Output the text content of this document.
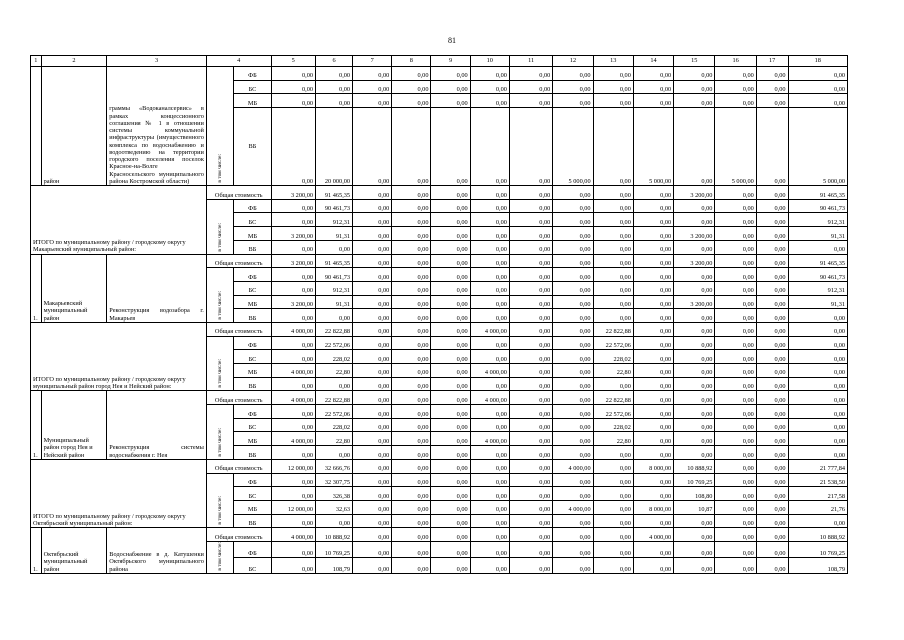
81
1	2	3	4		5	6	7	8	9	10	11	12	13	14	15	16	17	18
	район	граммы «Водоканалсервис» в рамках концессионного соглашения № 1 в отношении системы коммунальной инфраструктуры (имущественного комплекса по водоснабжению и водоотведению на территории городского поселения поселок Красное-на-Волге Красносельского муниципального района Костромской области)	в том числе:	ФБ	0,00	0,00	0,00	0,00	0,00	0,00	0,00	0,00	0,00	0,00	0,00	0,00	0,00	0,00
				БС	0,00	0,00	0,00	0,00	0,00	0,00	0,00	0,00	0,00	0,00	0,00	0,00	0,00	0,00
				МБ	0,00	0,00	0,00	0,00	0,00	0,00	0,00	0,00	0,00	0,00	0,00	0,00	0,00	0,00
				ВБ	0,00	20 000,00	0,00	0,00	0,00	0,00	0,00	5 000,00	0,00	5 000,00	0,00	5 000,00	0,00	5 000,00
ИТОГО по муниципальному району / городскому округу Макарьевский муниципальный район:			Общая стоимость		3 200,00	91 465,35	0,00	0,00	0,00	0,00	0,00	0,00	0,00	0,00	3 200,00	0,00	0,00	91 465,35
			в том числе:	ФБ	0,00	90 461,73	0,00	0,00	0,00	0,00	0,00	0,00	0,00	0,00	0,00	0,00	0,00	90 461,73
				БС	0,00	912,31	0,00	0,00	0,00	0,00	0,00	0,00	0,00	0,00	0,00	0,00	0,00	912,31
				МБ	3 200,00	91,31	0,00	0,00	0,00	0,00	0,00	0,00	0,00	0,00	3 200,00	0,00	0,00	91,31
				ВБ	0,00	0,00	0,00	0,00	0,00	0,00	0,00	0,00	0,00	0,00	0,00	0,00	0,00	0,00
1.	Макарьевский муниципальный район	Реконструкция водозабора г. Макарьев	Общая стоимость		3 200,00	91 465,35	0,00	0,00	0,00	0,00	0,00	0,00	0,00	0,00	3 200,00	0,00	0,00	91 465,35
			в том числе:	ФБ	0,00	90 461,73	0,00	0,00	0,00	0,00	0,00	0,00	0,00	0,00	0,00	0,00	0,00	90 461,73
				БС	0,00	912,31	0,00	0,00	0,00	0,00	0,00	0,00	0,00	0,00	0,00	0,00	0,00	912,31
				МБ	3 200,00	91,31	0,00	0,00	0,00	0,00	0,00	0,00	0,00	0,00	3 200,00	0,00	0,00	91,31
				ВБ	0,00	0,00	0,00	0,00	0,00	0,00	0,00	0,00	0,00	0,00	0,00	0,00	0,00	0,00
ИТОГО по муниципальному району / городскому округу муниципальный район город Нея и Нейский район:			Общая стоимость		4 000,00	22 822,88	0,00	0,00	0,00	4 000,00	0,00	0,00	22 822,88	0,00	0,00	0,00	0,00	0,00
			в том числе:	ФБ	0,00	22 572,06	0,00	0,00	0,00	0,00	0,00	0,00	22 572,06	0,00	0,00	0,00	0,00	0,00
				БС	0,00	228,02	0,00	0,00	0,00	0,00	0,00	0,00	228,02	0,00	0,00	0,00	0,00	0,00
				МБ	4 000,00	22,80	0,00	0,00	0,00	4 000,00	0,00	0,00	22,80	0,00	0,00	0,00	0,00	0,00
				ВБ	0,00	0,00	0,00	0,00	0,00	0,00	0,00	0,00	0,00	0,00	0,00	0,00	0,00	0,00
1.	Муниципальный район город Нея и Нейский район	Реконструкция системы водоснабжения г. Нея	Общая стоимость		4 000,00	22 822,88	0,00	0,00	0,00	4 000,00	0,00	0,00	22 822,88	0,00	0,00	0,00	0,00	0,00
			в том числе:	ФБ	0,00	22 572,06	0,00	0,00	0,00	0,00	0,00	0,00	22 572,06	0,00	0,00	0,00	0,00	0,00
				БС	0,00	228,02	0,00	0,00	0,00	0,00	0,00	0,00	228,02	0,00	0,00	0,00	0,00	0,00
				МБ	4 000,00	22,80	0,00	0,00	0,00	4 000,00	0,00	0,00	22,80	0,00	0,00	0,00	0,00	0,00
				ВБ	0,00	0,00	0,00	0,00	0,00	0,00	0,00	0,00	0,00	0,00	0,00	0,00	0,00	0,00
ИТОГО по муниципальному району / городскому округу Октябрьский муниципальный район:			Общая стоимость		12 000,00	32 666,76	0,00	0,00	0,00	0,00	0,00	4 000,00	0,00	8 000,00	10 888,92	0,00	0,00	21 777,84
			в том числе:	ФБ	0,00	32 307,75	0,00	0,00	0,00	0,00	0,00	0,00	0,00	0,00	10 769,25	0,00	0,00	21 538,50
				БС	0,00	326,38	0,00	0,00	0,00	0,00	0,00	0,00	0,00	0,00	108,80	0,00	0,00	217,58
				МБ	12 000,00	32,63	0,00	0,00	0,00	0,00	0,00	4 000,00	0,00	8 000,00	10,87	0,00	0,00	21,76
				ВБ	0,00	0,00	0,00	0,00	0,00	0,00	0,00	0,00	0,00	0,00	0,00	0,00	0,00	0,00
1.	Октябрьский муниципальный район	Водоснабжение в д. Катушенки Октябрьского муниципального района	Общая стоимость		4 000,00	10 888,92	0,00	0,00	0,00	0,00	0,00	0,00	0,00	4 000,00	0,00	0,00	0,00	10 888,92
			в том числе:	ФБ	0,00	10 769,25	0,00	0,00	0,00	0,00	0,00	0,00	0,00	0,00	0,00	0,00	0,00	10 769,25
				БС	0,00	108,79	0,00	0,00	0,00	0,00	0,00	0,00	0,00	0,00	0,00	0,00	0,00	108,79
